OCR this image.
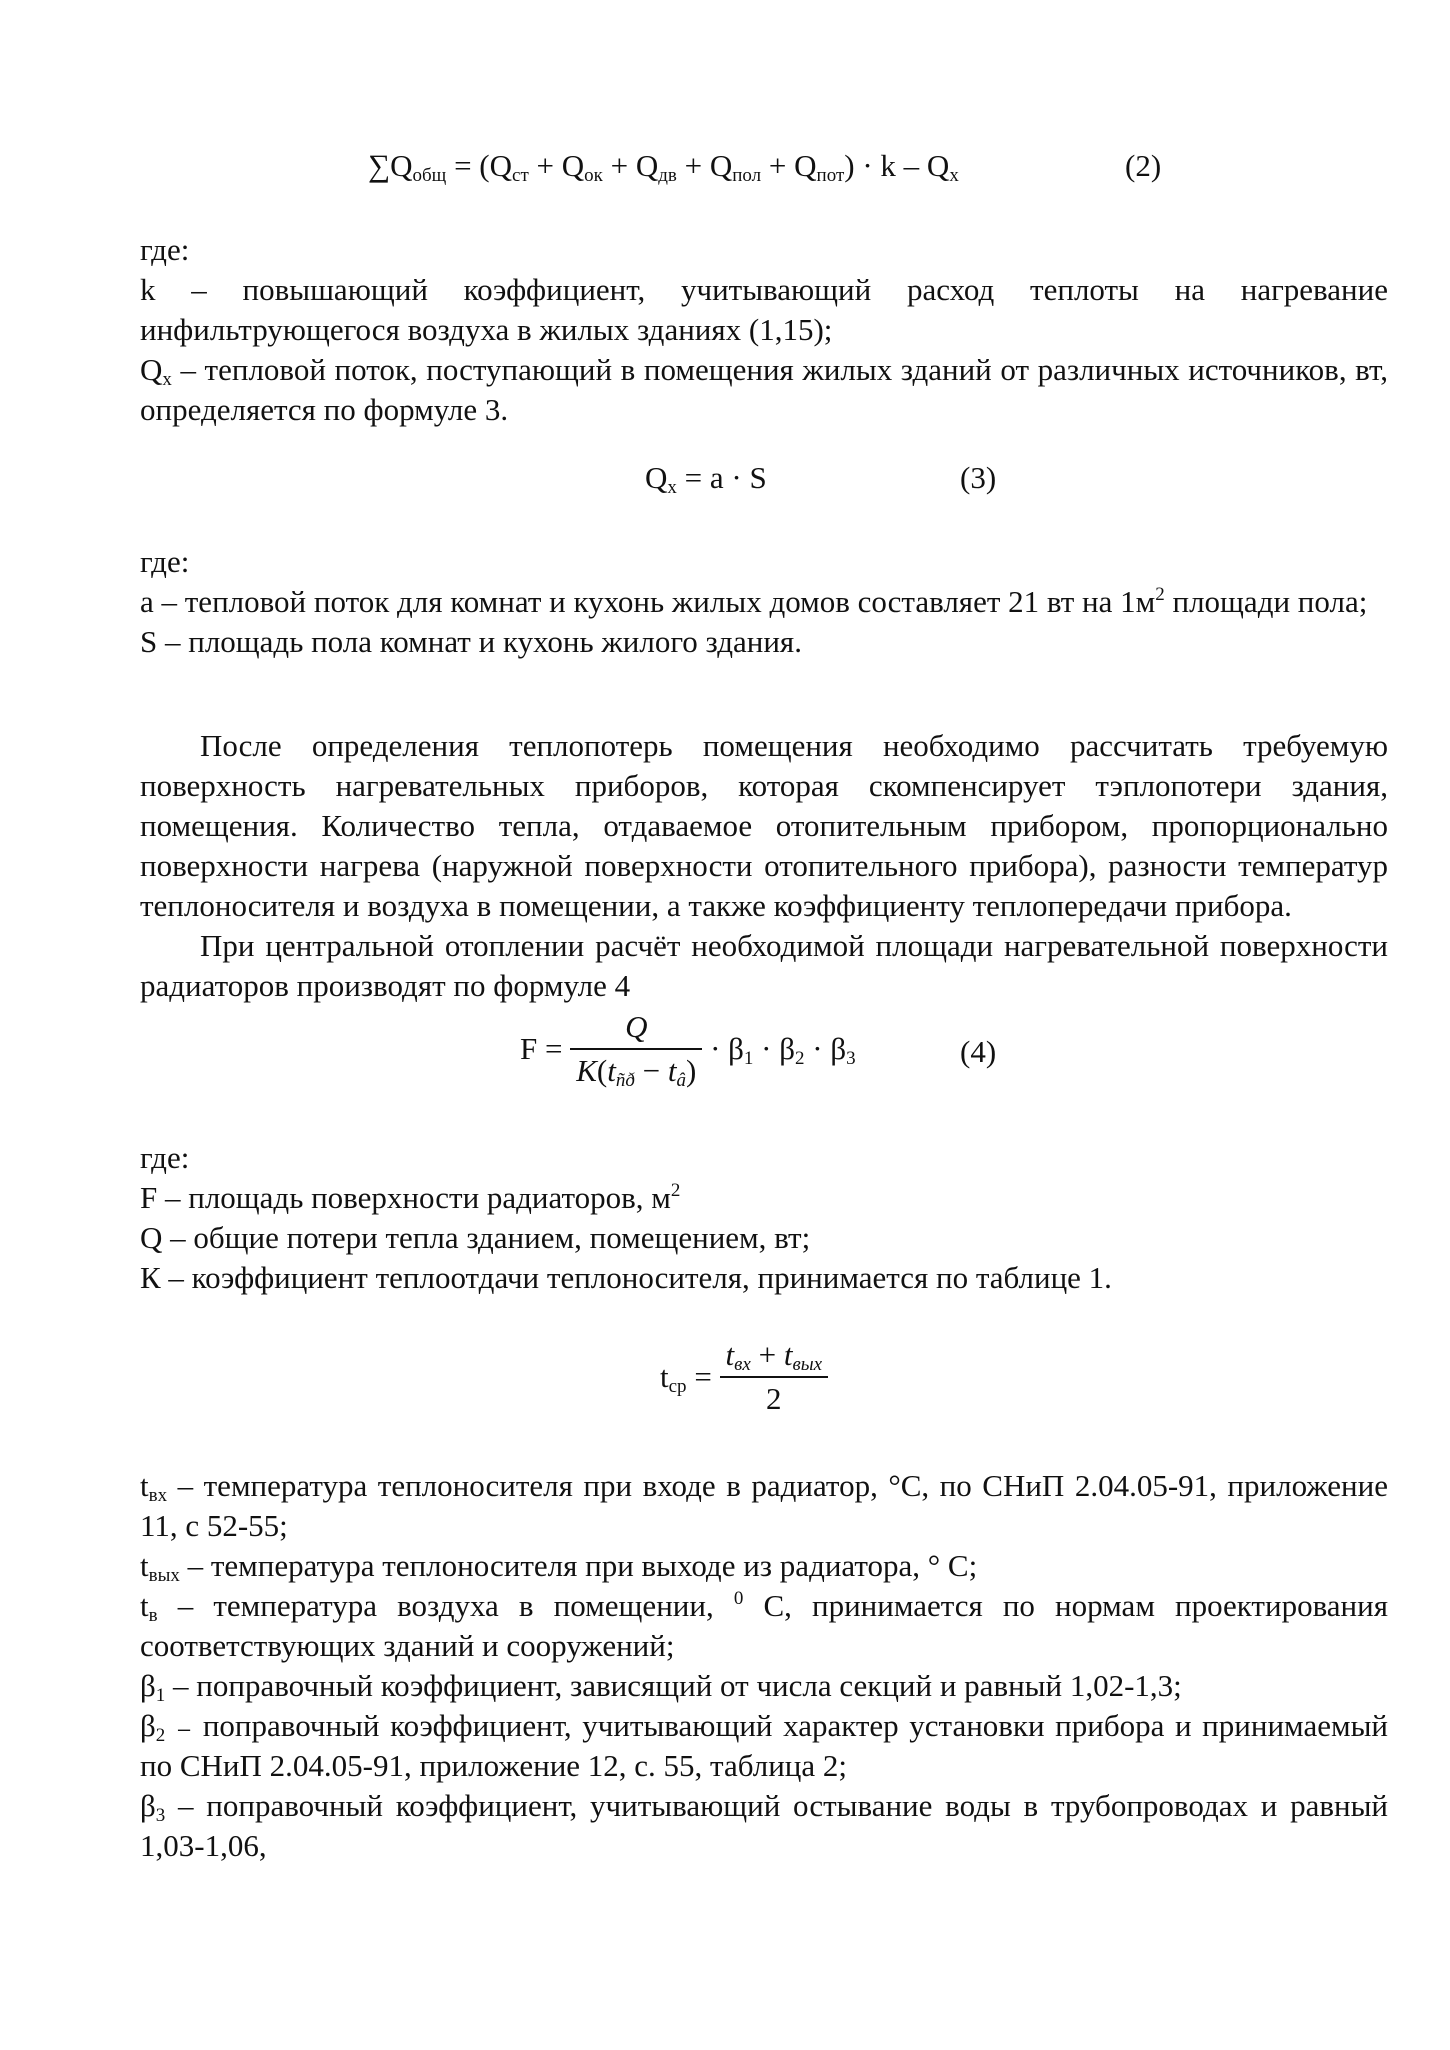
$\sum Q_{общ} = (Q_{ст} + Q_{ок} + Q_{дв} + Q_{пол} + Q_{пот}) \cdot k - Q_х$	(2)

где:

k – повышающий коэффициент, учитывающий расход теплоты на нагревание инфильтрующегося воздуха в жилых зданиях (1,15);

$Q_х$ – тепловой поток, поступающий в помещения жилых зданий от различных источников, вт, определяется по формуле 3.

$Q_х = a \cdot S$	(3)

где:

а – тепловой поток для комнат и кухонь жилых домов составляет 21 вт на $1м^2$ площади пола;

S – площадь пола комнат и кухонь жилого здания.

После определения теплопотерь помещения необходимо рассчитать требуемую поверхность нагревательных приборов, которая скомпенсирует тэплопотери здания, помещения. Количество тепла, отдаваемое отопительным прибором, пропорционально поверхности нагрева (наружной поверхности отопительного прибора), разности температур теплоносителя и воздуха в помещении, а также коэффициенту теплопередачи прибора.

При центральной отоплении расчёт необходимой площади нагревательной поверхности радиаторов производят по формуле 4

$F = \frac{Q}{K(t_{ñð} - t_â)} \cdot \beta_1 \cdot \beta_2 \cdot \beta_3$	(4)

где:

F – площадь поверхности радиаторов, $м^2$

Q – общие потери тепла зданием, помещением, вт;

К – коэффициент теплоотдачи теплоносителя, принимается по таблице 1.

$t_{ср} = \frac{t_{вх} + t_{вых}}{2}$

$t_{вх}$ – температура теплоносителя при входе в радиатор, °С, по СНиП 2.04.05-91, приложение 11, с 52-55;

$t_{вых}$ – температура теплоносителя при выходе из радиатора, ° С;

$t_в$ – температура воздуха в помещении, $^0$ С, принимается по нормам проектирования соответствующих зданий и сооружений;

$\beta_1$ – поправочный коэффициент, зависящий от числа секций и равный 1,02-1,3;

$\beta_2$ ₋ поправочный коэффициент, учитывающий характер установки прибора и принимаемый по СНиП 2.04.05-91, приложение 12, с. 55, таблица 2;

$\beta_3$ – поправочный коэффициент, учитывающий остывание воды в трубопроводах и равный 1,03-1,06,
